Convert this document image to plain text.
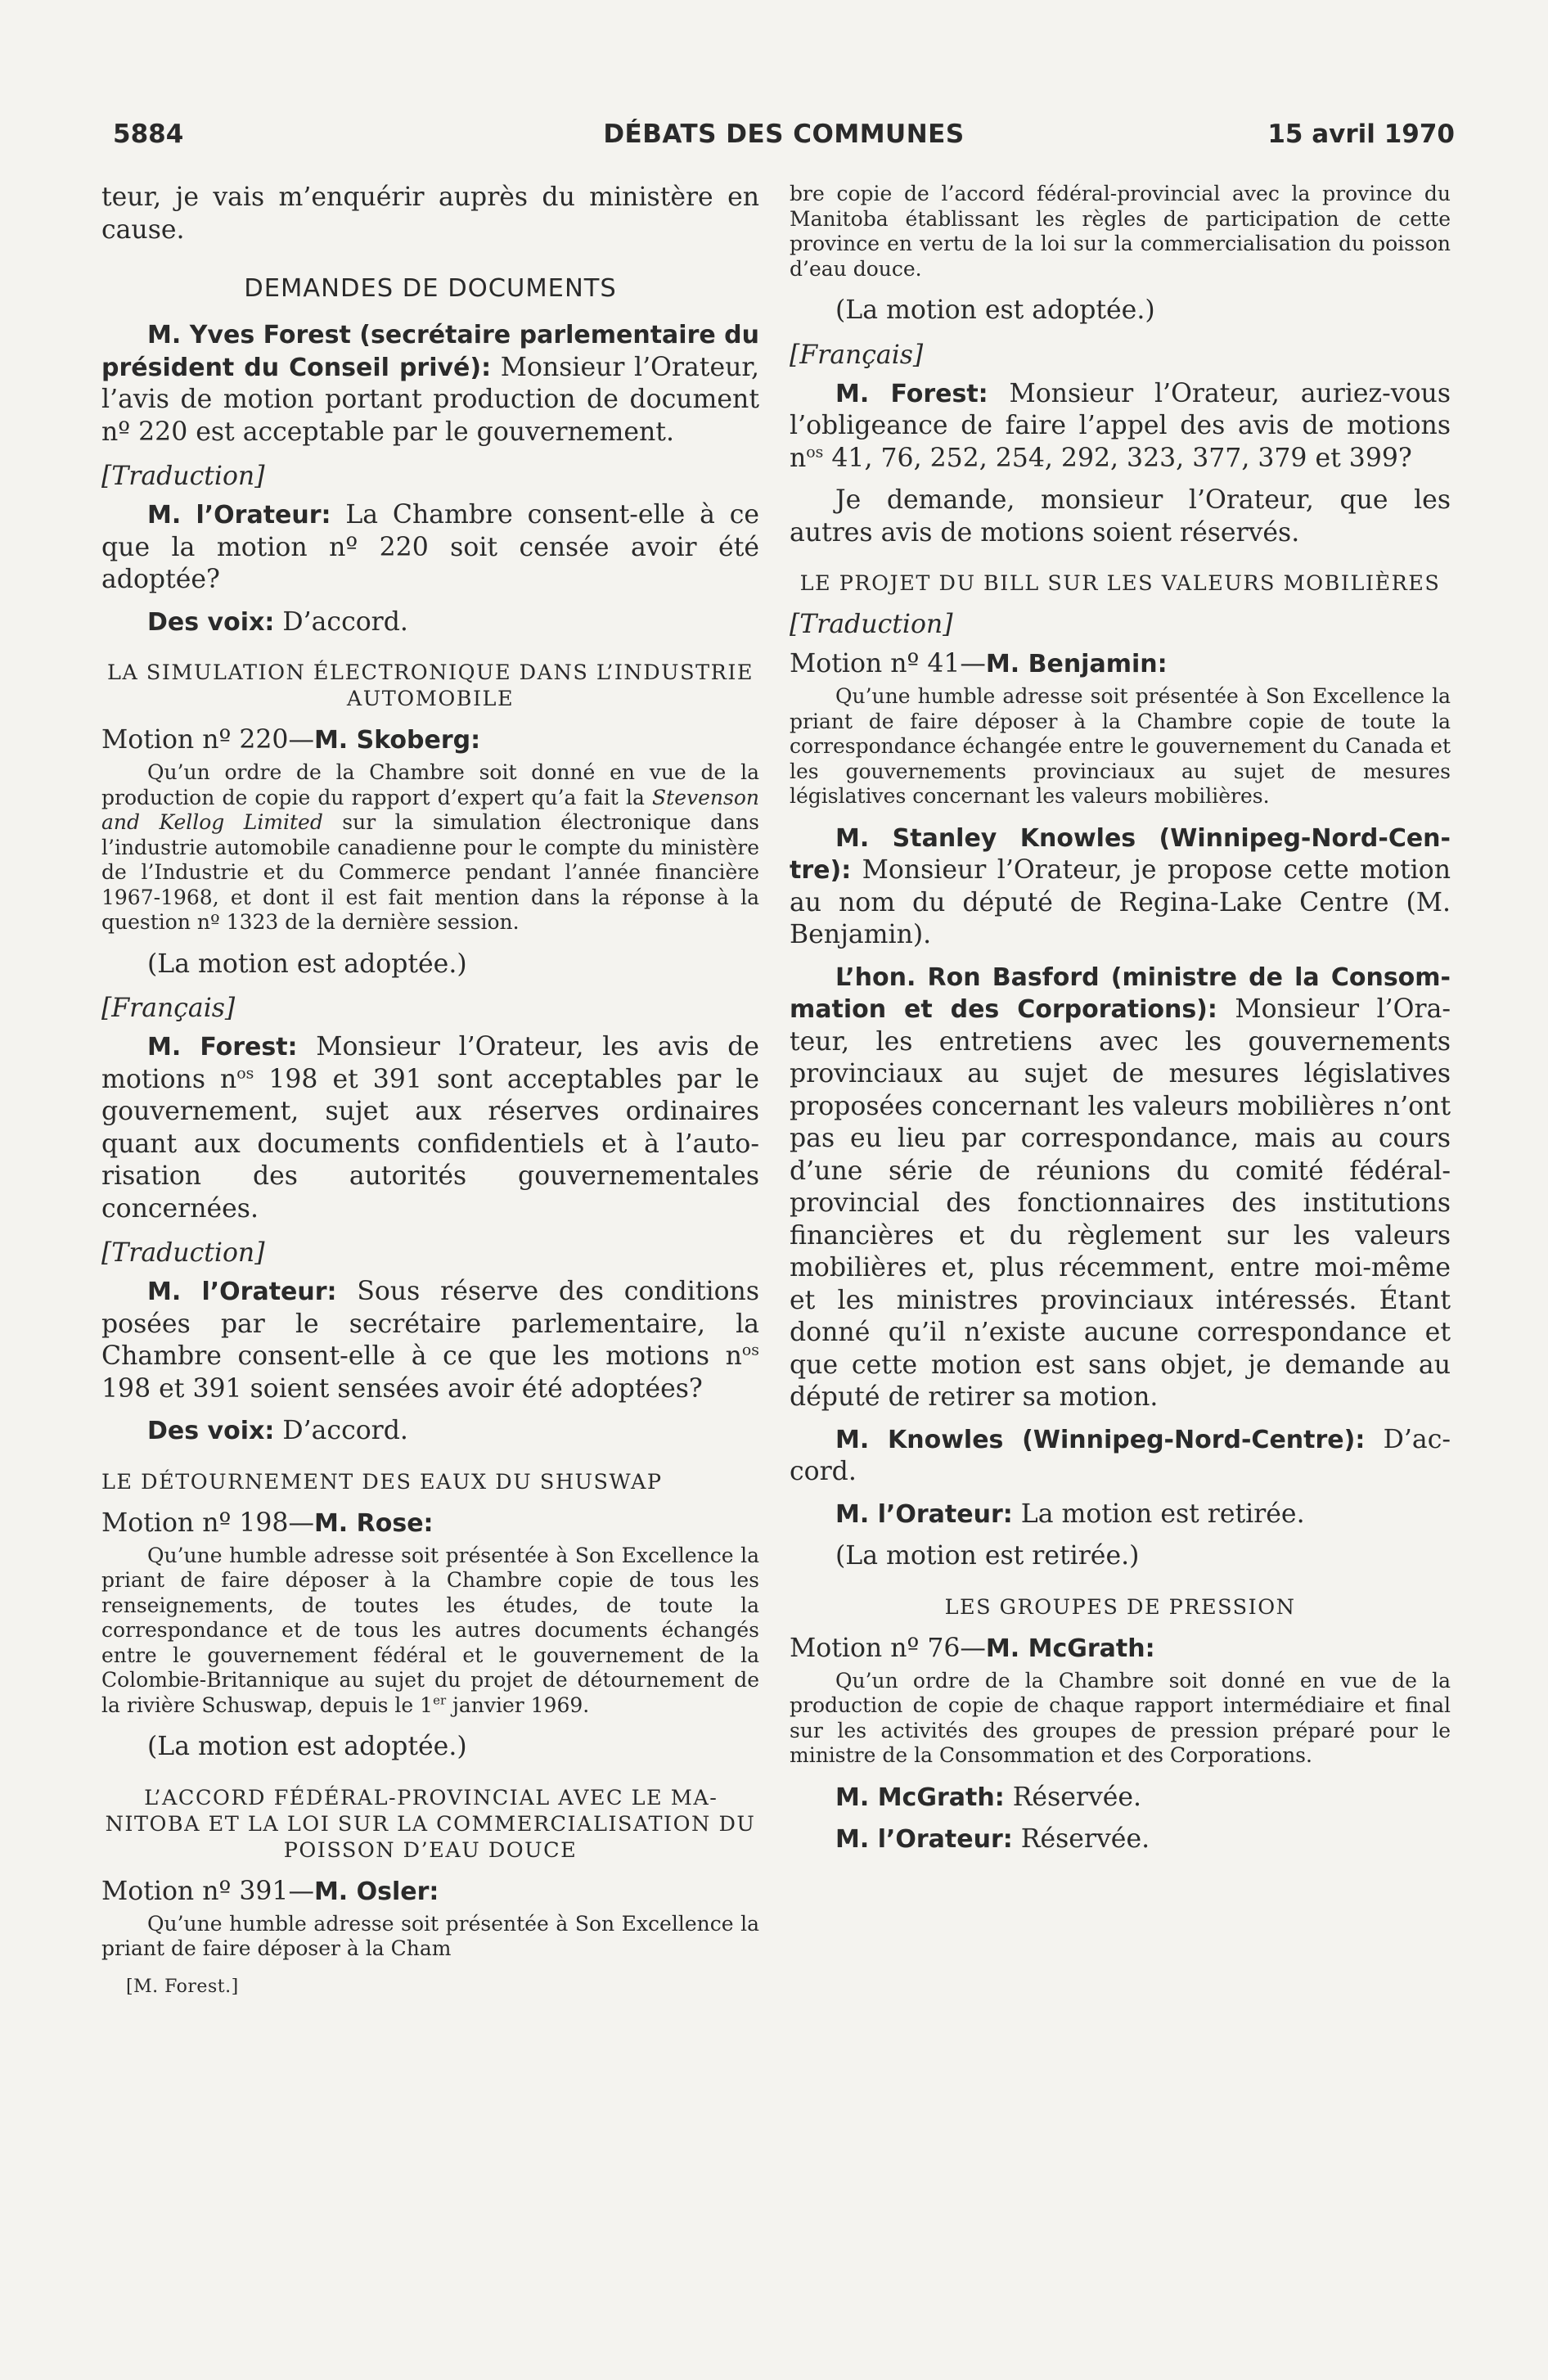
5884	DÉBATS DES COMMUNES	15 avril 1970

teur, je vais m’enquérir auprès du ministère en cause.

DEMANDES DE DOCUMENTS

M. Yves Forest (secrétaire parlementaire du président du Conseil privé): Monsieur l’Orateur, l’avis de motion portant production de document nº 220 est acceptable par le gouvernement.

[Traduction]

M. l’Orateur: La Chambre consent-elle à ce que la motion nº 220 soit censée avoir été adoptée?

Des voix: D’accord.

LA SIMULATION ÉLECTRONIQUE DANS L’INDUSTRIE AUTOMOBILE

Motion nº 220—M. Skoberg:

Qu’un ordre de la Chambre soit donné en vue de la production de copie du rapport d’expert qu’a fait la Stevenson and Kellog Limited sur la simulation électronique dans l’industrie automobile canadienne pour le compte du ministère de l’Industrie et du Commerce pendant l’année financière 1967-1968, et dont il est fait mention dans la réponse à la question nº 1323 de la dernière session.

(La motion est adoptée.)

[Français]

M. Forest: Monsieur l’Orateur, les avis de motions $n^{os}$ 198 et 391 sont acceptables par le gouvernement, sujet aux réserves ordinaires quant aux documents confidentiels et à l’autorisation des autorités gouvernementales concernées.

[Traduction]

M. l’Orateur: Sous réserve des conditions posées par le secrétaire parlementaire, la Chambre consent-elle à ce que les motions $n^{os}$ 198 et 391 soient sensées avoir été adoptées?

Des voix: D’accord.

LE DÉTOURNEMENT DES EAUX DU SHUSWAP

Motion nº 198—M. Rose:

Qu’une humble adresse soit présentée à Son Excellence la priant de faire déposer à la Chambre copie de tous les renseignements, de toutes les études, de toute la correspondance et de tous les autres documents échangés entre le gouvernement fédéral et le gouvernement de la Colombie-Britannique au sujet du projet de détournement de la rivière Schuswap, depuis le 1er janvier 1969.

(La motion est adoptée.)

L’ACCORD FÉDÉRAL-PROVINCIAL AVEC LE MANITOBA ET LA LOI SUR LA COMMERCIALISATION DU POISSON D’EAU DOUCE

Motion nº 391—M. Osler:

Qu’une humble adresse soit présentée à Son Excellence la priant de faire déposer à la Cham

[M. Forest.]

bre copie de l’accord fédéral-provincial avec la province du Manitoba établissant les règles de participation de cette province en vertu de la loi sur la commercialisation du poisson d’eau douce.

(La motion est adoptée.)

[Français]

M. Forest: Monsieur l’Orateur, auriez-vous l’obligeance de faire l’appel des avis de motions $n^{os}$ 41, 76, 252, 254, 292, 323, 377, 379 et 399?

Je demande, monsieur l’Orateur, que les autres avis de motions soient réservés.

LE PROJET DU BILL SUR LES VALEURS MOBILIÈRES
[Traduction]

Motion nº 41—M. Benjamin:

Qu’une humble adresse soit présentée à Son Excellence la priant de faire déposer à la Chambre copie de toute la correspondance échangée entre le gouvernement du Canada et les gouvernements provinciaux au sujet de mesures législatives concernant les valeurs mobilières.

M. Stanley Knowles (Winnipeg-Nord-Centre): Monsieur l’Orateur, je propose cette motion au nom du député de Regina-Lake Centre (M. Benjamin).

L’hon. Ron Basford (ministre de la Consommation et des Corporations): Monsieur l’Orateur, les entretiens avec les gouvernements provinciaux au sujet de mesures législatives proposées concernant les valeurs mobilières n’ont pas eu lieu par correspondance, mais au cours d’une série de réunions du comité fédéral-provincial des fonctionnaires des institutions financières et du règlement sur les valeurs mobilières et, plus récemment, entre moi-même et les ministres provinciaux intéressés. Étant donné qu’il n’existe aucune correspondance et que cette motion est sans objet, je demande au député de retirer sa motion.

M. Knowles (Winnipeg-Nord-Centre): D’accord.

M. l’Orateur: La motion est retirée.

(La motion est retirée.)

LES GROUPES DE PRESSION

Motion nº 76—M. McGrath:

Qu’un ordre de la Chambre soit donné en vue de la production de copie de chaque rapport intermédiaire et final sur les activités des groupes de pression préparé pour le ministre de la Consommation et des Corporations.

M. McGrath: Réservée.

M. l’Orateur: Réservée.
